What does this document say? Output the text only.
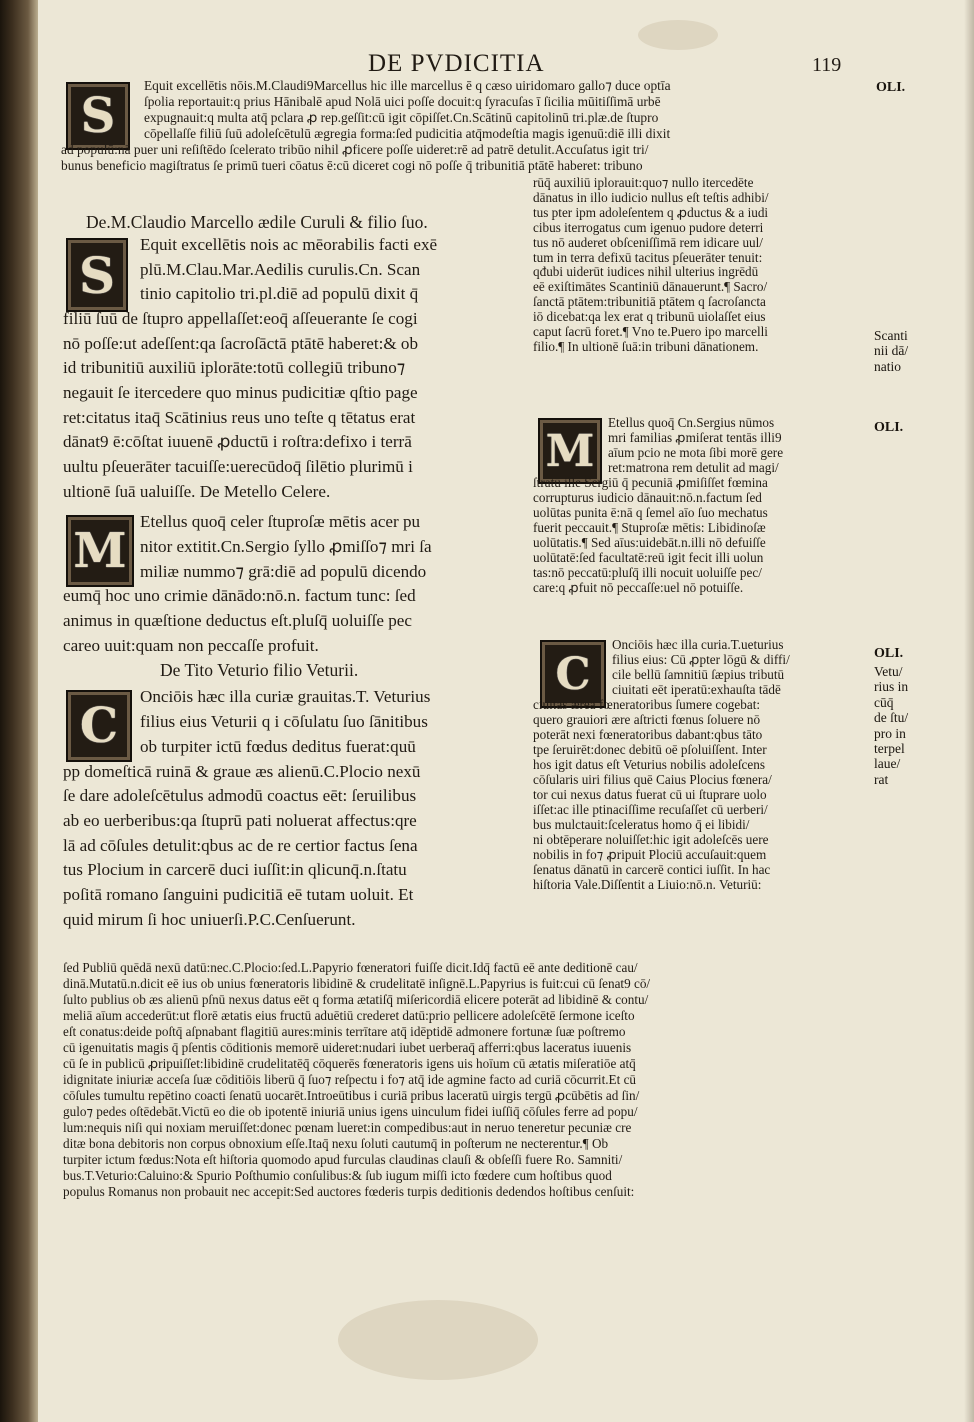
DE PVDICITIA	119
S
Equit excellētis nōis.M.Claudi9Marcellus hic ille marcellus ē q cæso uiridomaro gallo⁊ duce optīa
ſpolia reportauit:q prius Hānibalē apud Nolā uici poſſe docuit:q ſyracuſas ī ſicilia mūitiſſimā urbē
expugnauit:q multa atq̄ pclara ꝓ rep.geſſit:cū igit cōpiſſet.Cn.Scātinū capitolinū tri.plæ.de ſtupro
cōpellaſſe filiū ſuū adoleſcētulū ægregia forma:ſed pudicitia atq̄modeſtia magis igenuū:diē illi dixit
ad populū:nā puer uni reſiſtēdo ſcelerato tribūo nihil ꝓficere poſſe uideret:rē ad patrē detulit.Accuſatus igit tri/
bunus beneficio magiſtratus ſe primū tueri cōatus ē:cū diceret cogi nō poſſe q̄ tribunitiā ptātē haberet: tribuno
De.M.Claudio Marcello ædile Curuli & filio ſuo.
S
Equit excellētis nois ac mēorabilis facti exē
plū.M.Clau.Mar.Aedilis curulis.Cn. Scan
tinio capitolio tri.pl.diē ad populū dixit q̄
filiū ſuū de ſtupro appellaſſet:eoq̄ aſſeuerante ſe cogi
nō poſſe:ut adeſſent:qa ſacroſāctā ptātē haberet:& ob
id tribunitiū auxiliū iplorāte:totū collegiū tribuno⁊
negauit ſe itercedere quo minus pudicitiæ qſtio page
ret:citatus itaq̄ Scātinius reus uno teſte q tētatus erat
dānat9 ē:cōſtat iuuenē ꝓductū i roſtra:defixo i terrā
uultu pſeuerāter tacuiſſe:uerecūdoq̄ ſilētio plurimū i
ultionē ſuā ualuiſſe. De Metello Celere.
M
Etellus quoq̄ celer ſtuproſæ mētis acer pu
nitor extitit.Cn.Sergio ſyllo ꝓmiſſo⁊ mri ſa
miliæ nummo⁊ grā:diē ad populū dicendo
eumq̄ hoc uno crimie dānādo:nō.n. factum tunc: ſed
animus in quæſtione deductus eſt.pluſq̄ uoluiſſe pec
careo uuit:quam non peccaſſe profuit.
De Tito Veturio filio Veturii.
C
Onciōis hæc illa curiæ grauitas.T. Veturius
filius eius Veturii q i cōſulatu ſuo ſānitibus
ob turpiter ictū fœdus deditus fuerat:quū
pp domeſticā ruinā & graue æs alienū.C.Plocio nexū
ſe dare adoleſcētulus admodū coactus eēt: ſeruilibus
ab eo uerberibus:qa ſtuprū pati noluerat affectus:qre
lā ad cōſules detulit:qbus ac de re certior factus ſena
tus Plocium in carcerē duci iuſſit:in qlicunq̄.n.ſtatu
poſitā romano ſanguini pudicitiā eē tutam uoluit. Et
quid mirum ſi hoc uniuerſi.P.C.Cenſuerunt.
rūq̄ auxiliū iplorauit:quo⁊ nullo itercedēte
dānatus in illo iudicio nullus eſt teſtis adhibi/
tus pter ipm adoleſentem q ꝓductus & a iudi
cibus iterrogatus cum igenuo pudore deterri
tus nō auderet obſceniſſimā rem idicare uul/
tum in terra defixū tacitus pſeuerāter tenuit:
qđubi uiderūt iudices nihil ulterius ingrēdū
eē exiſtimātes Scantiniū dānauerunt.¶ Sacro/
ſanctā ptātem:tribunitiā ptātem q ſacroſancta
iō dicebat:qa lex erat q tribunū uiolaſſet eius
caput ſacrū foret.¶ Vno te.Puero ipo marcelli
filio.¶ In ultionē ſuā:in tribuni dānationem.
M
Etellus quoq̄ Cn.Sergius nūmos
mri familias ꝓmiſerat tentās illi9
aīum pcio ne mota ſibi morē gere
ret:matrona rem detulit ad magi/
ſtratū ille Sergiū q̄ pecuniā ꝓmiſiſſet fœmina
corrupturus iudicio dānauit:nō.n.factum ſed
uolūtas punita ē:nā q ſemel aīo ſuo mechatus
fuerit peccauit.¶ Stuproſæ mētis: Libidinoſæ
uolūtatis.¶ Sed aīus:uidebāt.n.illi nō defuiſſe
uolūtatē:ſed facultatē:reū igit fecit illi uolun
tas:nō peccatū:pluſq̄ illi nocuit uoluiſſe pec/
care:q ꝓfuit nō peccaſſe:uel nō potuiſſe.
C
Onciōis hæc illa curia.T.ueturius
filius eius: Cū ꝓpter lōgū & diffi/
cile bellū ſamnitiū ſæpius tributū
ciuitati eēt iperatū:exhauſta tādē
ciuitas ærea fœneratoribus ſumere cogebat:
quero grauiori ære aſtricti fœnus ſoluere nō
poterāt nexi fœneratoribus dabant:qbus tāto
tpe ſeruirēt:donec debitū oē pſoluiſſent. Inter
hos igit datus eſt Veturius nobilis adoleſcens
cōſularis uiri filius quē Caius Plocius fœnera/
tor cui nexus datus fuerat cū ui ſtuprare uolo
iſſet:ac ille ptinaciſſime recuſaſſet cū uerberi/
bus mulctauit:ſceleratus homo q̄ ei libidi/
ni obtēperare noluiſſet:hic igit adoleſcēs uere
nobilis in fo⁊ ꝓripuit Plociū accuſauit:quem
ſenatus dānatū in carcerē contici iuſſit. In hac
hiſtoria Vale.Diſſentit a Liuio:nō.n. Veturiū:
ſed Publiū quēdā nexū datū:nec.C.Plocio:ſed.L.Papyrio fœneratori fuiſſe dicit.Idq̄ factū eē ante deditionē cau/
dinā.Mutatū.n.dicit eē ius ob unius fœneratoris libidinē & crudelitatē inſignē.L.Papyrius is fuit:cui cū ſenat9 cō/
ſulto publius ob æs alienū pſnū nexus datus eēt q forma ætatiſq̄ miſericordiā elicere poterāt ad libidinē & contu/
meliā aīum accederūt:ut florē ætatis eius fructū aduētiū crederet datū:prio pellicere adoleſcētē ſermone iceſto
eſt conatus:deide poſtq̄ aſpnabant flagitiū aures:minis terrītare atq̄ idēptidē admonere fortunæ ſuæ poſtremo
cū igenuitatis magis q̄ pſentis cōditionis memorē uideret:nudari iubet uerberaq̄ afferri:qbus laceratus iuuenis
cū ſe in publicū ꝓripuiſſet:libidinē crudelitatēq̄ cōquerēs fœneratoris igens uis hoīum cū ætatis miſeratiōe atq̄
idignitate iniuriæ acceſa ſuæ cōditiōis liberū q̄ ſuo⁊ reſpectu i fo⁊ atq̄ ide agmine facto ad curiā cōcurrit.Et cū
cōſules tumultu repētino coacti ſenatū uocarēt.Introeūtibus i curiā pribus laceratū uirgis tergū ꝓcūbētis ad ſin/
gulo⁊ pedes oſtēdebāt.Victū eo die ob ipotentē iniuriā unius igens uinculum fidei iuſſiq̄ cōſules ferre ad popu/
lum:nequis niſi qui noxiam meruiſſet:donec pœnam lueret:in compedibus:aut in neruo teneretur pecuniæ cre
ditæ bona debitoris non corpus obnoxium eſſe.Itaq̄ nexu ſoluti cautumq̄ in poſterum ne necterentur.¶ Ob
turpiter ictum fœdus:Nota eſt hiſtoria quomodo apud furculas claudinas clauſi & obſeſſi fuere Ro. Samniti/
bus.T.Veturio:Caluino:& Spurio Poſthumio conſulibus:& ſub iugum miſſi icto fœdere cum hoſtibus quod
populus Romanus non probauit nec accepit:Sed auctores fœderis turpis deditionis dedendos hoſtibus cenſuit:
OLI.
Scanti
nii dā/
natio
OLI.
OLI.
Vetu/
rius in
cūq̄
de ſtu/
pro in
terpel
laue/
rat
